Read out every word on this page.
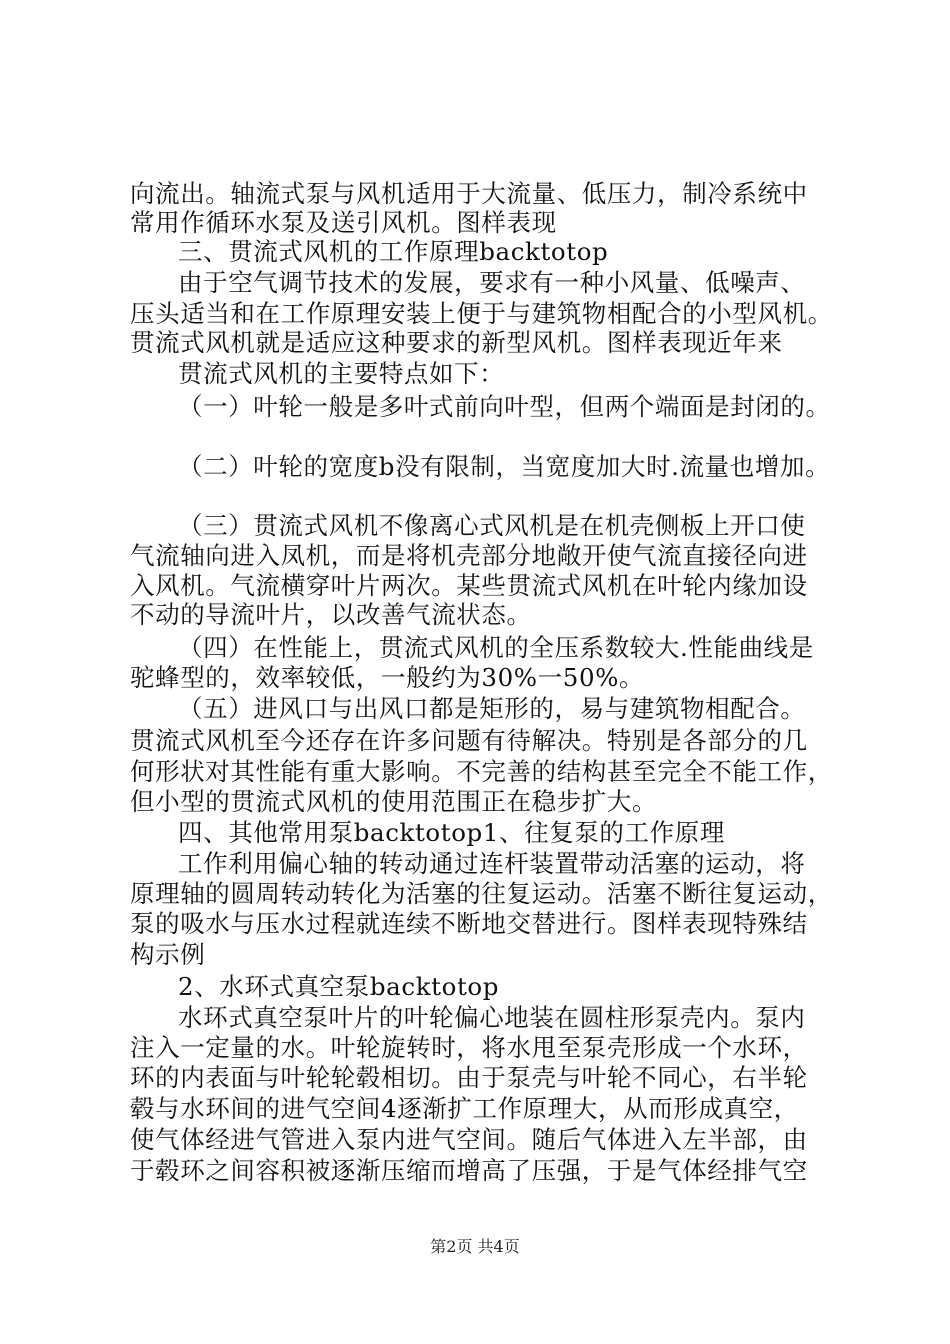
向流出。轴流式泵与风机适用于大流量、低压力，制冷系统中
常用作循环水泵及送引风机。图样表现
三、贯流式风机的工作原理backtotop
由于空气调节技术的发展，要求有一种小风量、低噪声、
压头适当和在工作原理安装上便于与建筑物相配合的小型风机。
贯流式风机就是适应这种要求的新型风机。图样表现近年来
贯流式风机的主要特点如下：
（一）叶轮一般是多叶式前向叶型，但两个端面是封闭的。
（二）叶轮的宽度b没有限制，当宽度加大时.流量也增加。
（三）贯流式风机不像离心式风机是在机壳侧板上开口使
气流轴向进入凤机，而是将机壳部分地敞开使气流直接径向进
入风机。气流横穿叶片两次。某些贯流式风机在叶轮内缘加设
不动的导流叶片，以改善气流状态。
（四）在性能上，贯流式风机的全压系数较大.性能曲线是
驼蜂型的，效率较低，一般约为30%一50%。
（五）进风口与出风口都是矩形的，易与建筑物相配合。
贯流式风机至今还存在许多问题有待解决。特别是各部分的几
何形状对其性能有重大影响。不完善的结构甚至完全不能工作，
但小型的贯流式风机的使用范围正在稳步扩大。
四、其他常用泵backtotop1、往复泵的工作原理
工作利用偏心轴的转动通过连杆装置带动活塞的运动，将
原理轴的圆周转动转化为活塞的往复运动。活塞不断往复运动，
泵的吸水与压水过程就连续不断地交替进行。图样表现特殊结
构示例
2、水环式真空泵backtotop
水环式真空泵叶片的叶轮偏心地装在圆柱形泵壳内。泵内
注入一定量的水。叶轮旋转时，将水甩至泵壳形成一个水环，
环的内表面与叶轮轮毂相切。由于泵壳与叶轮不同心，右半轮
毂与水环间的进气空间4逐渐扩工作原理大，从而形成真空，
使气体经进气管进入泵内进气空间。随后气体进入左半部，由
于毂环之间容积被逐渐压缩而增高了压强，于是气体经排气空
第2页 共4页
